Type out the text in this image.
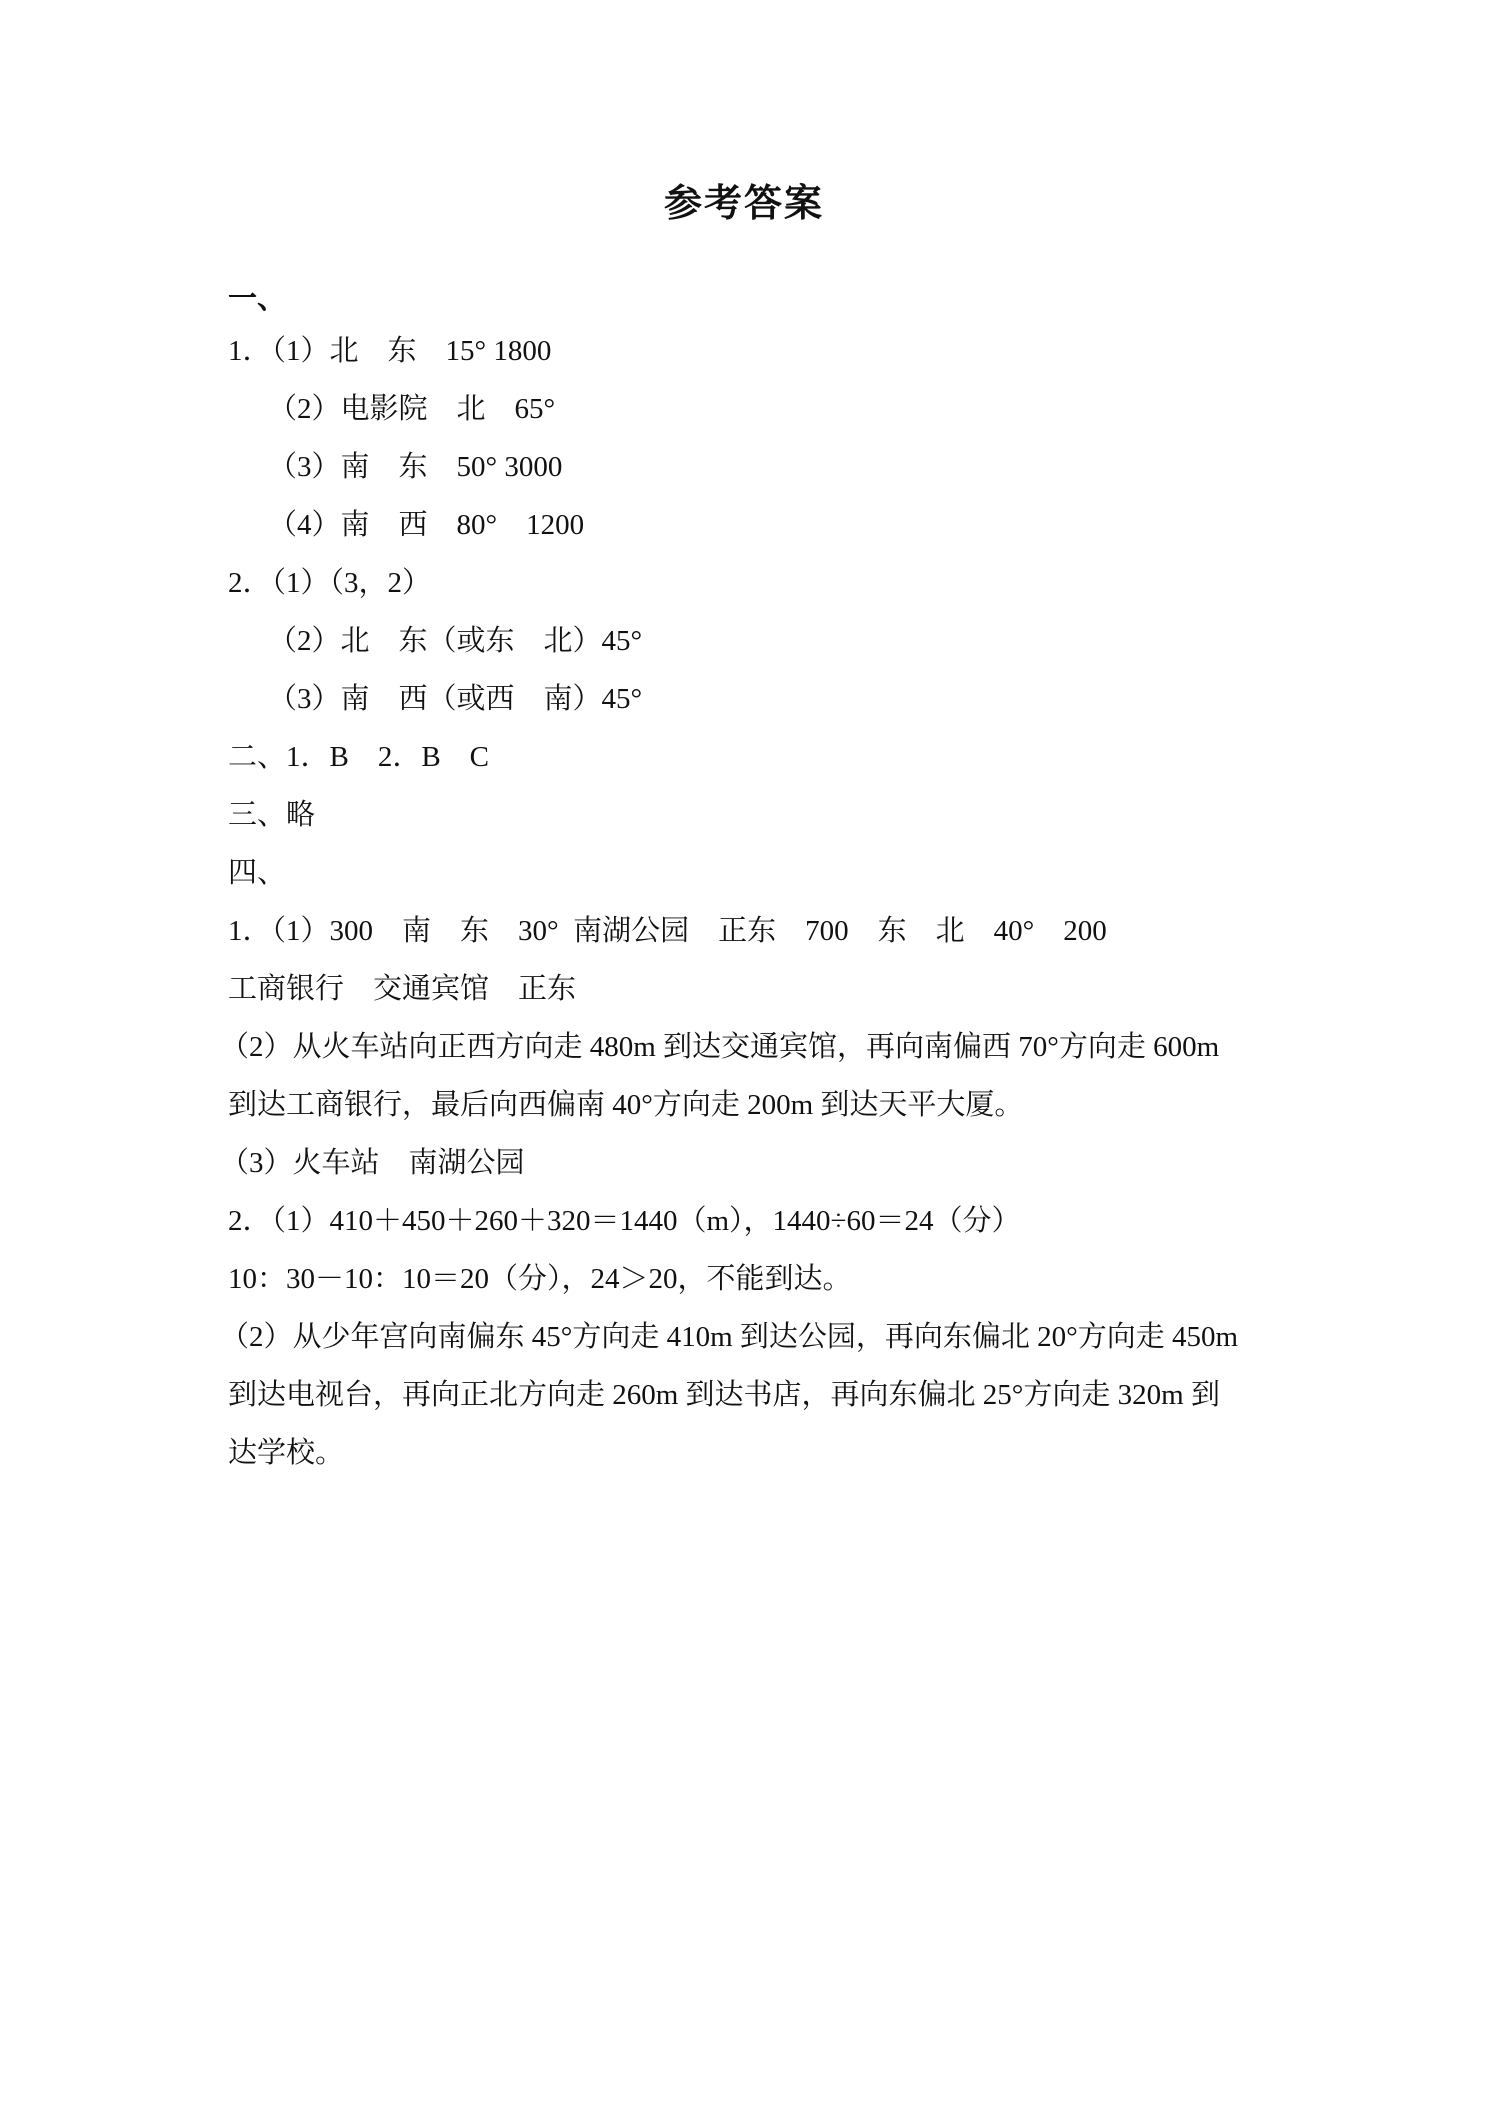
参考答案
一、
1．（1）北　东　15° 1800
（2）电影院　北　65°
（3）南　东　50° 3000
（4）南　西　80°　1200
2．（1）（3，2）
（2）北　东（或东　北）45°
（3）南　西（或西　南）45°
二、1．B　2．B　C
三、略
四、
1．（1）300　南　东　30°  南湖公园　正东　700　东　北　40°　200
工商银行　交通宾馆　正东
（2）从火车站向正西方向走 480m 到达交通宾馆，再向南偏西 70°方向走 600m
到达工商银行，最后向西偏南 40°方向走 200m 到达天平大厦。
（3）火车站　南湖公园
2．（1）410＋450＋260＋320＝1440（m），1440÷60＝24（分）
10：30－10：10＝20（分），24＞20，不能到达。
（2）从少年宫向南偏东 45°方向走 410m 到达公园，再向东偏北 20°方向走 450m
到达电视台，再向正北方向走 260m 到达书店，再向东偏北 25°方向走 320m 到
达学校。
